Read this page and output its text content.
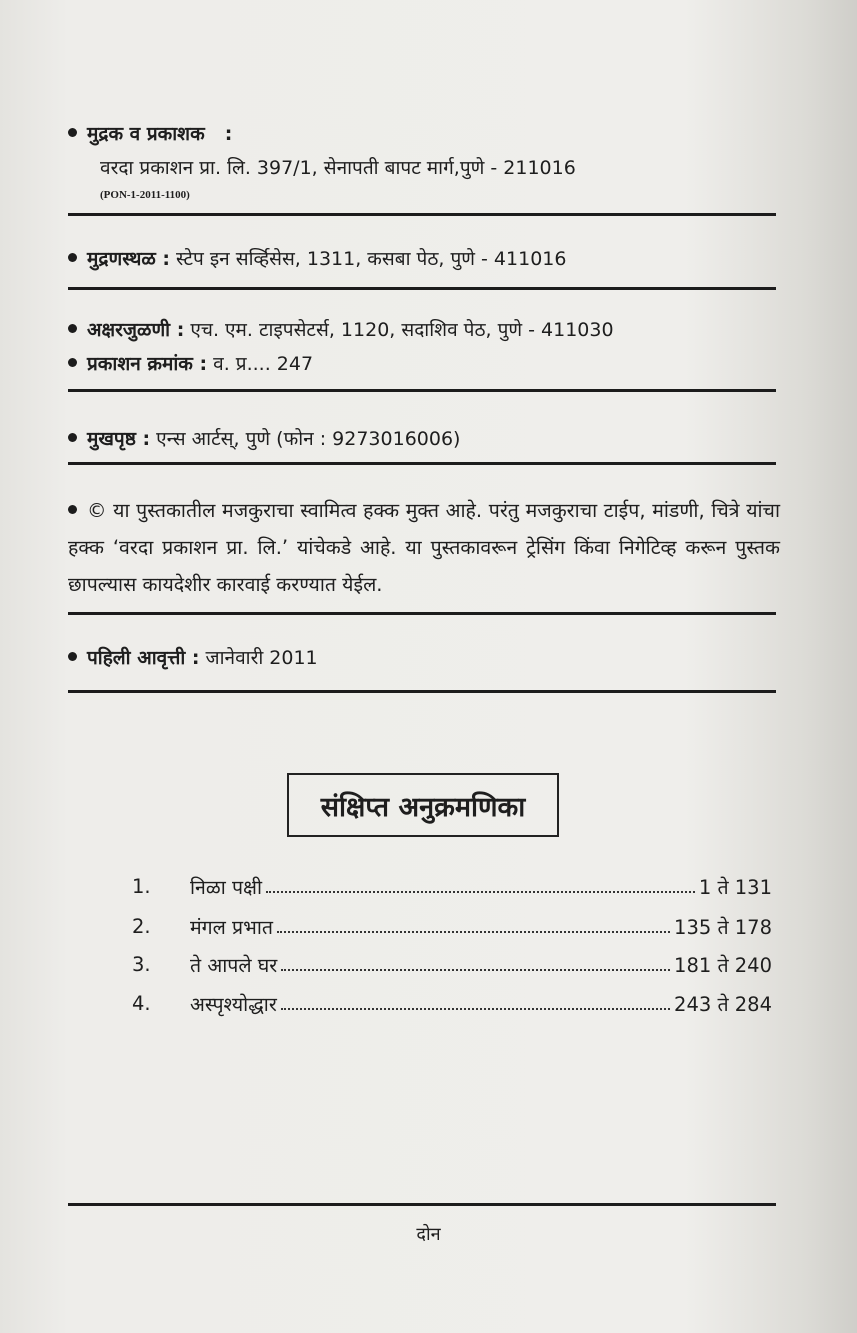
मुद्रक व प्रकाशक :
वरदा प्रकाशन प्रा. लि. 397/1, सेनापती बापट मार्ग,पुणे - 211016
(PON-1-2011-1100)
मुद्रणस्थळ : स्टेप इन सर्व्हिसेस, 1311, कसबा पेठ, पुणे - 411016
अक्षरजुळणी : एच. एम. टाइपसेटर्स, 1120, सदाशिव पेठ, पुणे - 411030
प्रकाशन क्रमांक : व. प्र.... 247
मुखपृष्ठ : एन्स आर्टस्, पुणे (फोन : 9273016006)
© या पुस्तकातील मजकुराचा स्वामित्व हक्क मुक्त आहे. परंतु मजकुराचा टाईप, मांडणी, चित्रे यांचा हक्क ‘वरदा प्रकाशन प्रा. लि.’ यांचेकडे आहे. या पुस्तकावरून ट्रेसिंग किंवा निगेटिव्ह करून पुस्तक छापल्यास कायदेशीर कारवाई करण्यात येईल.
पहिली आवृत्ती : जानेवारी 2011
संक्षिप्त अनुक्रमणिका
1.	निळा पक्षी	1 ते 131
2.	मंगल प्रभात	135 ते 178
3.	ते आपले घर	181 ते 240
4.	अस्पृश्योद्धार	243 ते 284
दोन
